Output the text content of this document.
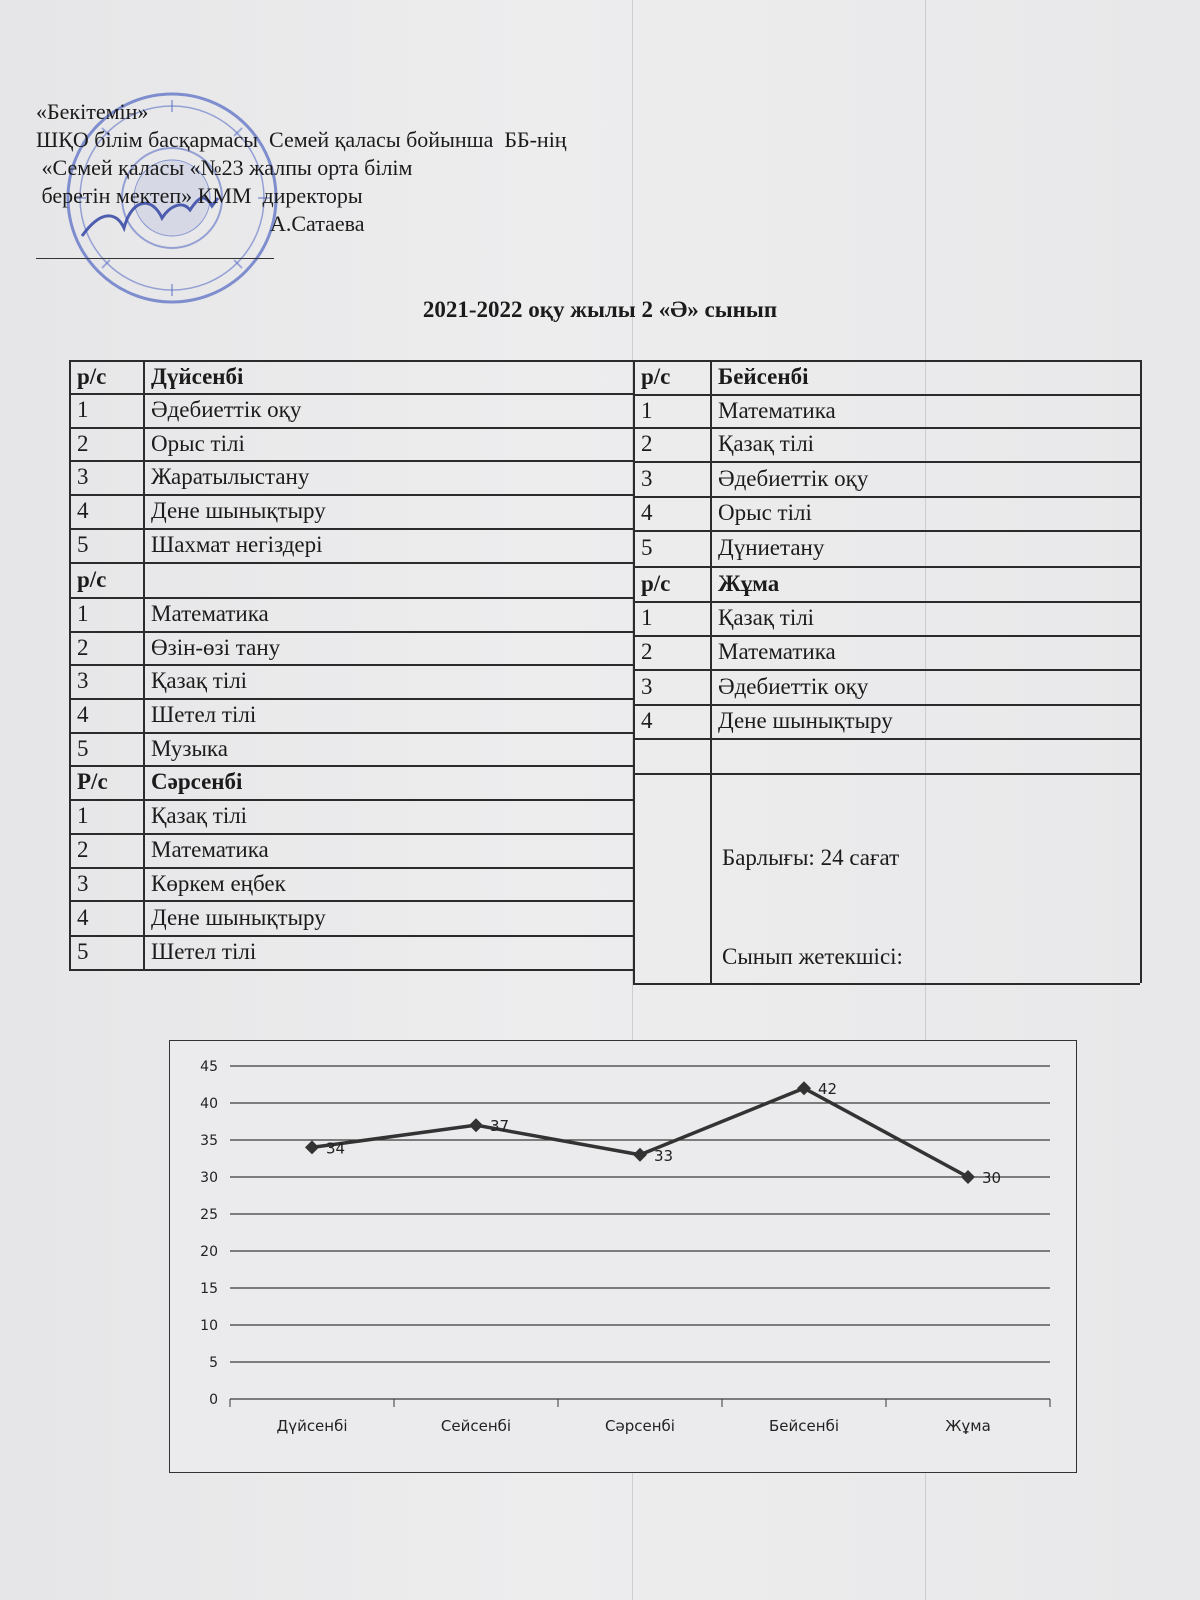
«Бекітемін»
ШҚО білім басқармасы  Семей қаласы бойынша  ББ-нің
«Семей қаласы «№23 жалпы орта білім
беретін мектеп» КММ  директоры
А.Сатаева
2021-2022 оқу жылы 2 «Ә» сынып
р/с	Дүйсенбі
1	Әдебиеттік оқу
2	Орыс тілі
3	Жаратылыстану
4	Дене шынықтыру
5	Шахмат негіздері
р/с
1	Математика
2	Өзін-өзі тану
3	Қазақ тілі
4	Шетел тілі
5	Музыка
Р/с	Сәрсенбі
1	Қазақ тілі
2	Математика
3	Көркем еңбек
4	Дене шынықтыру
5	Шетел тілі
р/с	Бейсенбі
1	Математика
2	Қазақ тілі
3	Әдебиеттік оқу
4	Орыс тілі
5	Дүниетану
р/с	Жұма
1	Қазақ тілі
2	Математика
3	Әдебиеттік оқу
4	Дене шынықтыру

Барлығы: 24 сағат

Сынып жетекшісі:

0
5
10
15
20
25
30
35
40
45
34
Дүйсенбі
37
Сейсенбі
33
Сәрсенбі
42
Бейсенбі
30
Жұма
